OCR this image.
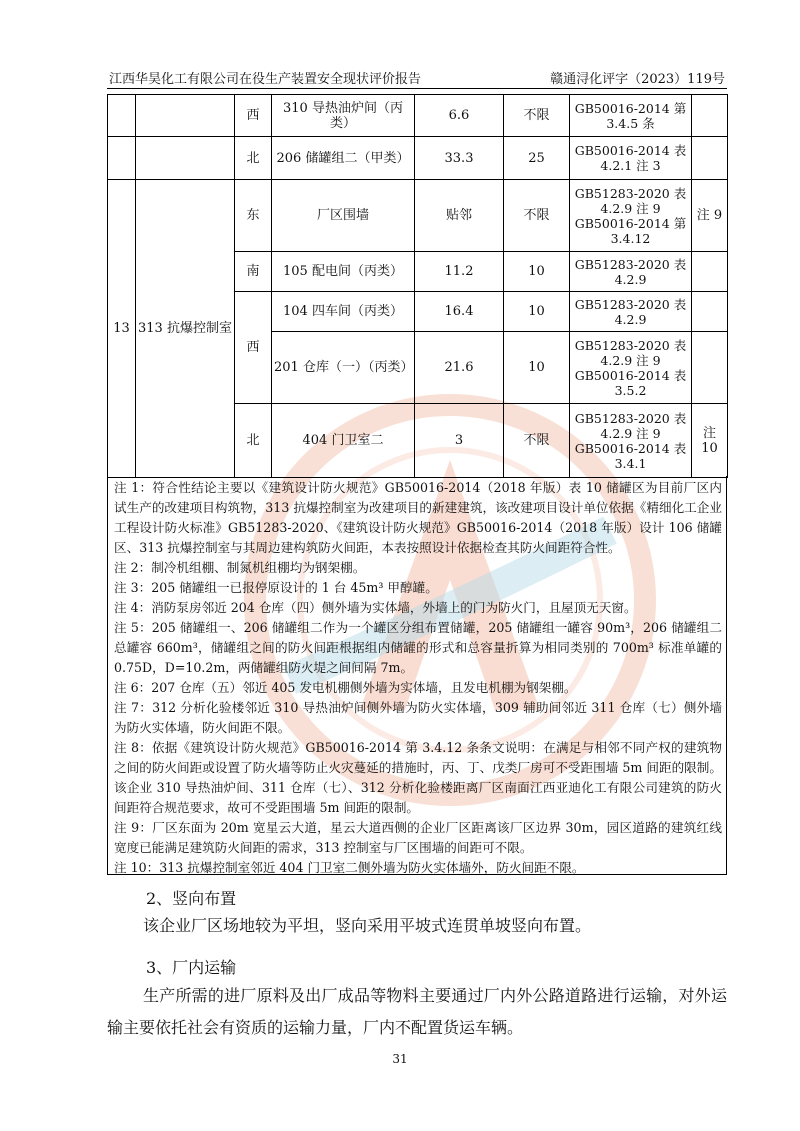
江西华昊化工有限公司在役生产装置安全现状评价报告	赣通浔化评字（2023）119号
		西	310 导热油炉间（丙类）	6.6	不限	GB50016-2014 第 3.4.5 条	
		北	206 储罐组二（甲类）	33.3	25	GB50016-2014 表 4.2.1 注 3	
13	313 抗爆控制室	东	厂区围墙	贴邻	不限	GB51283-2020 表 4.2.9 注 9 GB50016-2014 第 3.4.12	注 9
		南	105 配电间（丙类）	11.2	10	GB51283-2020 表 4.2.9	
		西	104 四车间（丙类）	16.4	10	GB51283-2020 表 4.2.9	
			201 仓库（一）（丙类）	21.6	10	GB51283-2020 表 4.2.9 注 9 GB50016-2014 表 3.5.2	
		北	404 门卫室二	3	不限	GB51283-2020 表 4.2.9 注 9 GB50016-2014 表 3.4.1	注 10
注 1：符合性结论主要以《建筑设计防火规范》GB50016-2014（2018 年版）表 10 储罐区为目前厂区内试生产的改建项目构筑物，313 抗爆控制室为改建项目的新建建筑，该改建项目设计单位依据《精细化工企业工程设计防火标准》GB51283-2020、《建筑设计防火规范》GB50016-2014（2018 年版）设计 106 储罐区、313 抗爆控制室与其周边建构筑防火间距，本表按照设计依据检查其防火间距符合性。
注 2：制冷机组棚、制氮机组棚均为钢架棚。
注 3：205 储罐组一已报停原设计的 1 台 45m³ 甲醇罐。
注 4：消防泵房邻近 204 仓库（四）侧外墙为实体墙，外墙上的门为防火门，且屋顶无天窗。
注 5：205 储罐组一、206 储罐组二作为一个罐区分组布置储罐，205 储罐组一罐容 90m³，206 储罐组二总罐容 660m³，储罐组之间的防火间距根据组内储罐的形式和总容量折算为相同类别的 700m³ 标准单罐的 0.75D，D=10.2m，两储罐组防火堤之间间隔 7m。
注 6：207 仓库（五）邻近 405 发电机棚侧外墙为实体墙，且发电机棚为钢架棚。
注 7：312 分析化验楼邻近 310 导热油炉间侧外墙为防火实体墙，309 辅助间邻近 311 仓库（七）侧外墙为防火实体墙，防火间距不限。
注 8：依据《建筑设计防火规范》GB50016-2014 第 3.4.12 条条文说明：在满足与相邻不同产权的建筑物之间的防火间距或设置了防火墙等防止火灾蔓延的措施时，丙、丁、戊类厂房可不受距围墙 5m 间距的限制。该企业 310 导热油炉间、311 仓库（七）、312 分析化验楼距离厂区南面江西亚迪化工有限公司建筑的防火间距符合规范要求，故可不受距围墙 5m 间距的限制。
注 9：厂区东面为 20m 宽星云大道，星云大道西侧的企业厂区距离该厂区边界 30m，园区道路的建筑红线宽度已能满足建筑防火间距的需求，313 控制室与厂区围墙的间距可不限。
注 10：313 抗爆控制室邻近 404 门卫室二侧外墙为防火实体墙外，防火间距不限。
2、竖向布置
该企业厂区场地较为平坦，竖向采用平坡式连贯单坡竖向布置。
3、厂内运输
生产所需的进厂原料及出厂成品等物料主要通过厂内外公路道路进行运输，对外运输主要依托社会有资质的运输力量，厂内不配置货运车辆。
31
